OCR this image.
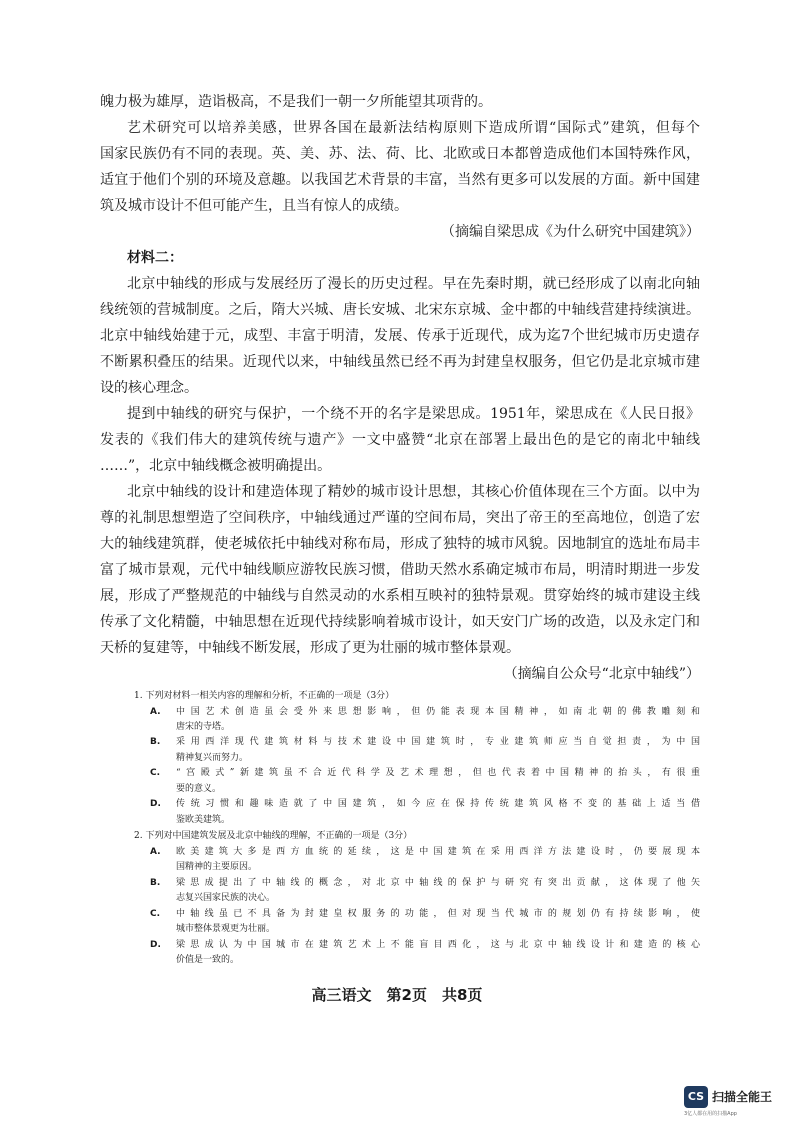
魄力极为雄厚，造诣极高，不是我们一朝一夕所能望其项背的。

艺术研究可以培养美感，世界各国在最新法结构原则下造成所谓“国际式”建筑，但每个

国家民族仍有不同的表现。英、美、苏、法、荷、比、北欧或日本都曾造成他们本国特殊作风，

适宜于他们个别的环境及意趣。以我国艺术背景的丰富，当然有更多可以发展的方面。新中国建

筑及城市设计不但可能产生，且当有惊人的成绩。

（摘编自梁思成《为什么研究中国建筑》）

材料二：

北京中轴线的形成与发展经历了漫长的历史过程。早在先秦时期，就已经形成了以南北向轴

线统领的营城制度。之后，隋大兴城、唐长安城、北宋东京城、金中都的中轴线营建持续演进。

北京中轴线始建于元，成型、丰富于明清，发展、传承于近现代，成为迄7个世纪城市历史遗存

不断累积叠压的结果。近现代以来，中轴线虽然已经不再为封建皇权服务，但它仍是北京城市建

设的核心理念。

提到中轴线的研究与保护，一个绕不开的名字是梁思成。1951年，梁思成在《人民日报》

发表的《我们伟大的建筑传统与遗产》一文中盛赞“北京在部署上最出色的是它的南北中轴线

……”，北京中轴线概念被明确提出。

北京中轴线的设计和建造体现了精妙的城市设计思想，其核心价值体现在三个方面。以中为

尊的礼制思想塑造了空间秩序，中轴线通过严谨的空间布局，突出了帝王的至高地位，创造了宏

大的轴线建筑群，使老城依托中轴线对称布局，形成了独特的城市风貌。因地制宜的选址布局丰

富了城市景观，元代中轴线顺应游牧民族习惯，借助天然水系确定城市布局，明清时期进一步发

展，形成了严整规范的中轴线与自然灵动的水系相互映衬的独特景观。贯穿始终的城市建设主线

传承了文化精髓，中轴思想在近现代持续影响着城市设计，如天安门广场的改造，以及永定门和

天桥的复建等，中轴线不断发展，形成了更为壮丽的城市整体景观。

（摘编自公众号“北京中轴线”）

1. 下列对材料一相关内容的理解和分析，不正确的一项是（3分）

A.	中国艺术创造虽会受外来思想影响，但仍能表现本国精神，如南北朝的佛教雕刻和

唐宋的寺塔。

B.	采用西洋现代建筑材料与技术建设中国建筑时，专业建筑师应当自觉担责，为中国

精神复兴而努力。

C.	“宫殿式”新建筑虽不合近代科学及艺术理想，但也代表着中国精神的抬头，有很重

要的意义。

D.	传统习惯和趣味造就了中国建筑，如今应在保持传统建筑风格不变的基础上适当借

鉴欧美建筑。

2. 下列对中国建筑发展及北京中轴线的理解，不正确的一项是（3分）

A.	欧美建筑大多是西方血统的延续，这是中国建筑在采用西洋方法建设时，仍要展现本

国精神的主要原因。

B.	梁思成提出了中轴线的概念，对北京中轴线的保护与研究有突出贡献，这体现了他矢

志复兴国家民族的决心。

C.	中轴线虽已不具备为封建皇权服务的功能，但对现当代城市的规划仍有持续影响，使

城市整体景观更为壮丽。

D.	梁思成认为中国城市在建筑艺术上不能盲目西化，这与北京中轴线设计和建造的核心

价值是一致的。

高三语文　第2页　共8页
CS 扫描全能王
3亿人都在用的扫描App
